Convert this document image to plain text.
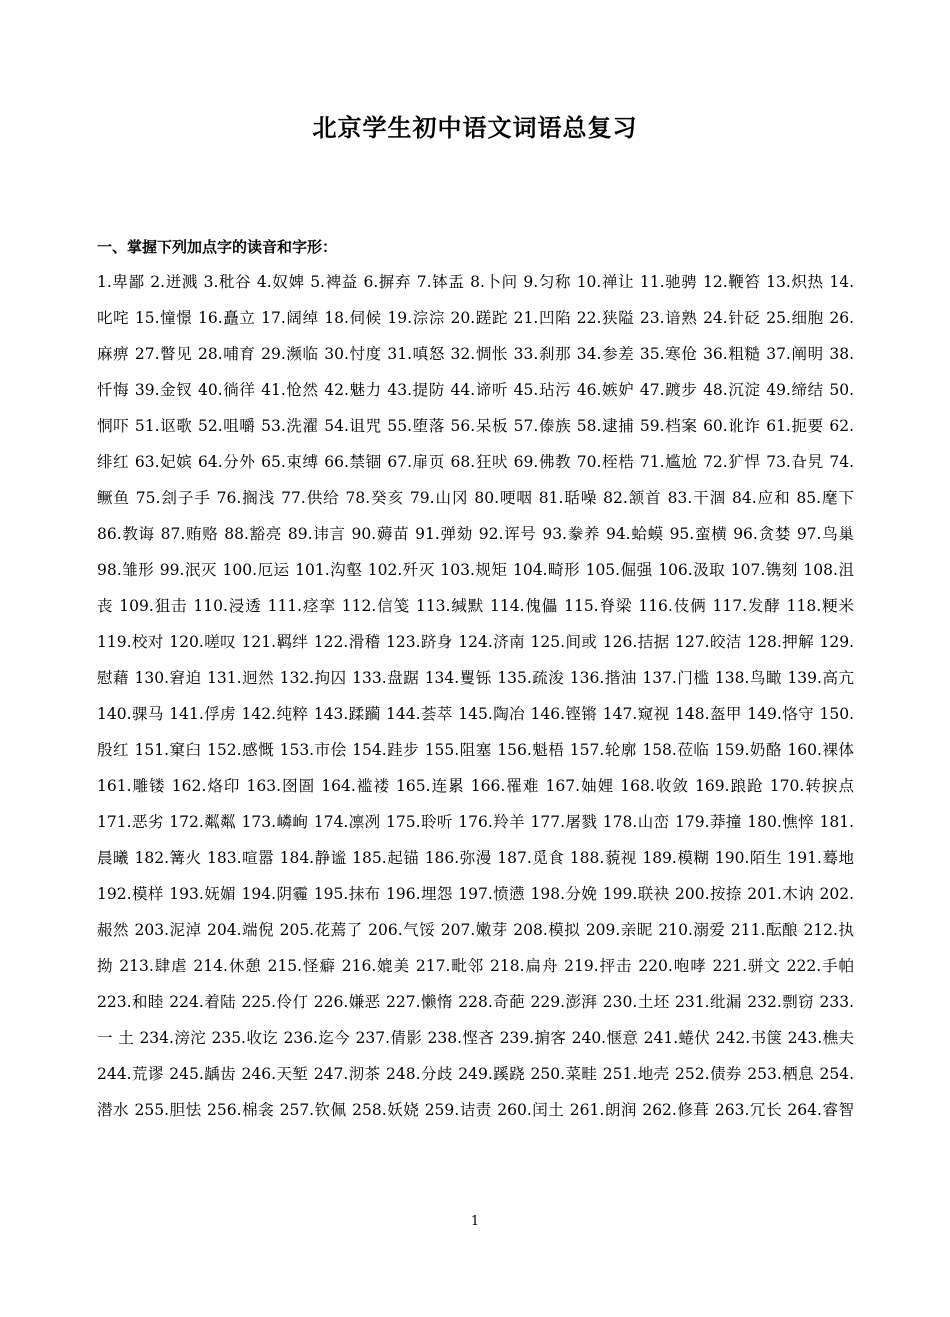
北京学生初中语文词语总复习
一、掌握下列加点字的读音和字形：
1.卑鄙 2.迸溅 3.秕谷 4.奴婢 5.裨益 6.摒弃 7.钵盂 8.卜问 9.匀称 10.禅让 11.驰骋 12.鞭笞 13.炽热 14.
叱咤 15.憧憬 16.矗立 17.阔绰 18.伺候 19.淙淙 20.蹉跎 21.凹陷 22.狭隘 23.谙熟 24.针砭 25.细胞 26.
麻痹 27.瞥见 28.哺育 29.濒临 30.忖度 31.嗔怒 32.惆怅 33.刹那 34.参差 35.寒伧 36.粗糙 37.阐明 38.
忏悔 39.金钗 40.徜徉 41.怆然 42.魅力 43.提防 44.谛听 45.玷污 46.嫉妒 47.踱步 48.沉淀 49.缔结 50.
恫吓 51.讴歌 52.咀嚼 53.洗濯 54.诅咒 55.堕落 56.呆板 57.傣族 58.逮捕 59.档案 60.讹诈 61.扼要 62.
绯红 63.妃嫔 64.分外 65.束缚 66.禁锢 67.扉页 68.狂吠 69.佛教 70.桎梏 71.尴尬 72.犷悍 73.旮旯 74.
鳜鱼 75.刽子手 76.搁浅 77.供给 78.癸亥 79.山冈 80.哽咽 81.聒噪 82.颔首 83.干涸 84.应和 85.麾下
86.教诲 87.贿赂 88.豁亮 89.讳言 90.薅苗 91.弹劾 92.诨号 93.豢养 94.蛤蟆 95.蛮横 96.贪婪 97.鸟巢
98.雏形 99.泯灭 100.厄运 101.沟壑 102.歼灭 103.规矩 104.畸形 105.倔强 106.汲取 107.镌刻 108.沮
丧 109.狙击 110.浸透 111.痉挛 112.信笺 113.缄默 114.傀儡 115.脊梁 116.伎俩 117.发酵 118.粳米
119.校对 120.嗟叹 121.羁绊 122.滑稽 123.跻身 124.济南 125.间或 126.拮据 127.皎洁 128.押解 129.
慰藉 130.窘迫 131.迥然 132.拘囚 133.盘踞 134.矍铄 135.疏浚 136.揩油 137.门槛 138.鸟瞰 139.高亢
140.骒马 141.俘虏 142.纯粹 143.蹂躏 144.荟萃 145.陶冶 146.铿锵 147.窥视 148.盔甲 149.恪守 150.
殷红 151.窠臼 152.感慨 153.市侩 154.跬步 155.阻塞 156.魁梧 157.轮廓 158.莅临 159.奶酪 160.裸体
161.雕镂 162.烙印 163.囹圄 164.褴褛 165.连累 166.罹难 167.妯娌 168.收敛 169.踉跄 170.转捩点
171.恶劣 172.粼粼 173.嶙峋 174.凛冽 175.聆听 176.羚羊 177.屠戮 178.山峦 179.莽撞 180.憔悴 181.
晨曦 182.篝火 183.喧嚣 184.静谧 185.起锚 186.弥漫 187.觅食 188.藐视 189.模糊 190.陌生 191.蓦地
192.模样 193.妩媚 194.阴霾 195.抹布 196.埋怨 197.愤懑 198.分娩 199.联袂 200.按捺 201.木讷 202.
赧然 203.泥淖 204.端倪 205.花蔫了 206.气馁 207.嫩芽 208.模拟 209.亲昵 210.溺爱 211.酝酿 212.执
拗 213.肆虐 214.休憩 215.怪癖 216.媲美 217.毗邻 218.扁舟 219.抨击 220.咆哮 221.骈文 222.手帕
223.和睦 224.着陆 225.伶仃 226.嫌恶 227.懒惰 228.奇葩 229.澎湃 230.土坯 231.纰漏 232.剽窃 233.
一 土 234.滂沱 235.收讫 236.迄今 237.倩影 238.悭吝 239.掮客 240.惬意 241.蜷伏 242.书箧 243.樵夫
244.荒谬 245.龋齿 246.天堑 247.沏茶 248.分歧 249.蹊跷 250.菜畦 251.地壳 252.债券 253.栖息 254.
潜水 255.胆怯 256.棉衾 257.钦佩 258.妖娆 259.诘责 260.闰土 261.朗润 262.修葺 263.冗长 264.睿智
1
